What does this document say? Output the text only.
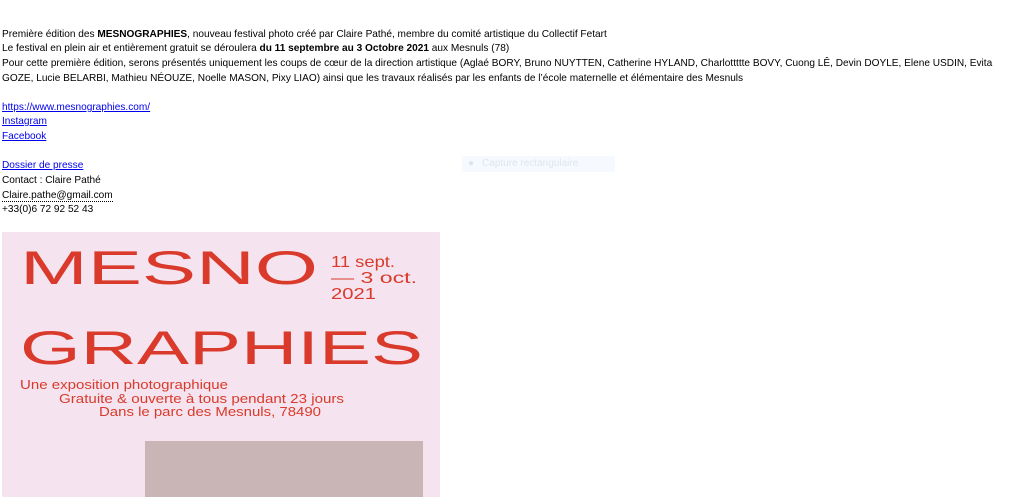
Première édition des MESNOGRAPHIES, nouveau festival photo créé par Claire Pathé, membre du comité artistique du Collectif Fetart
Le festival en plein air et entièrement gratuit se déroulera du 11 septembre au 3 Octobre 2021 aux Mesnuls (78)
Pour cette première édition, serons présentés uniquement les coups de cœur de la direction artistique (Aglaé BORY, Bruno NUYTTEN, Catherine HYLAND, Charlottttte BOVY, Cuong LÊ, Devin DOYLE, Elene USDIN, Evita
GOZE, Lucie BELARBI, Mathieu NÉOUZE, Noelle MASON, Pixy LIAO) ainsi que les travaux réalisés par les enfants de l’école maternelle et élémentaire des Mesnuls
https://www.mesnographies.com/
Instagram
Facebook
Dossier de presse
Contact : Claire Pathé
Claire.pathe@gmail.com
+33(0)6 72 92 52 43
● Capture rectangulaire
MESNO
GRAPHIES
11 sept.
— 3 oct.
2021
Une exposition photographique
Gratuite & ouverte à tous pendant 23 jours
Dans le parc des Mesnuls, 78490
